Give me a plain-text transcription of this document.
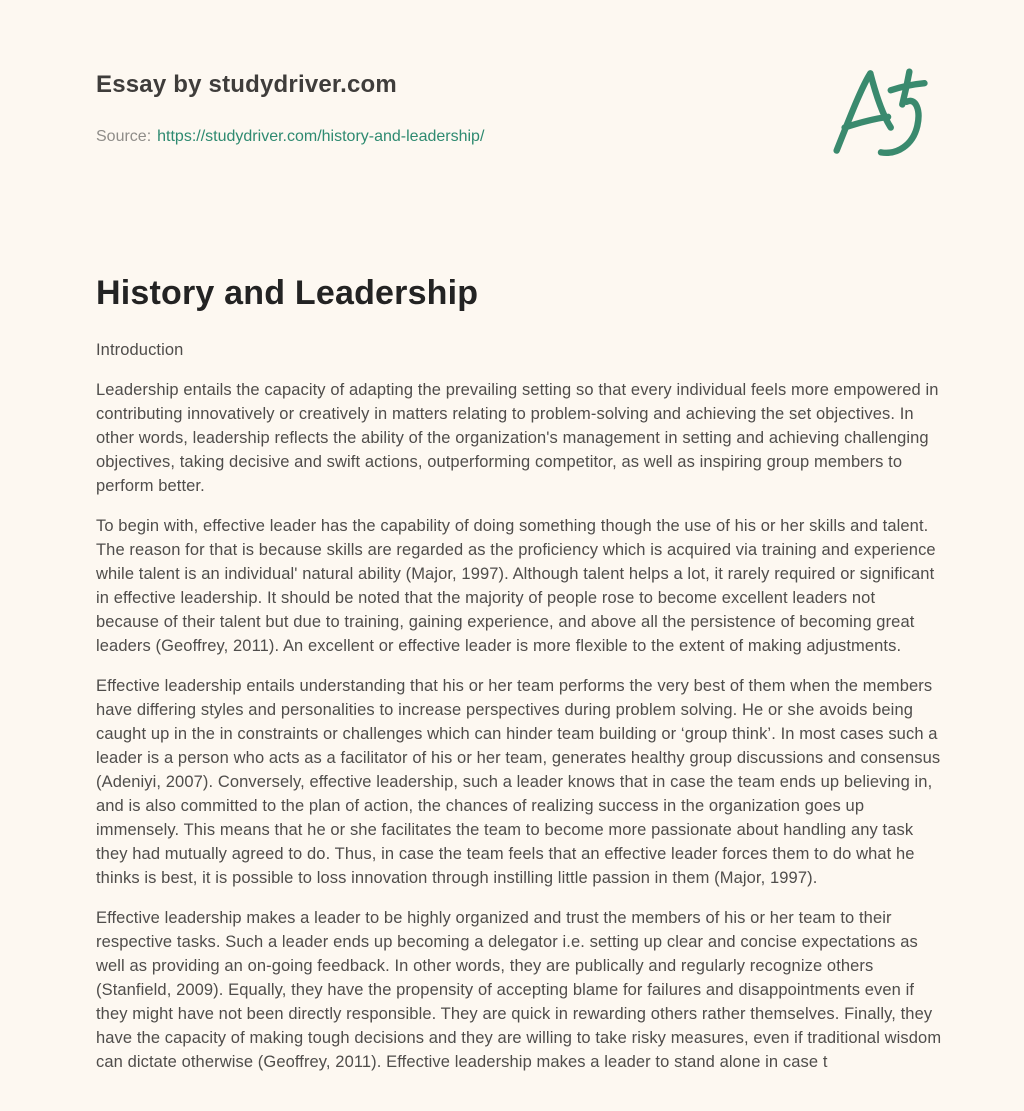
Essay by studydriver.com
Source: https://studydriver.com/history-and-leadership/
History and Leadership

Introduction

Leadership entails the capacity of adapting the prevailing setting so that every individual feels more empowered in contributing innovatively or creatively in matters relating to problem-solving and achieving the set objectives. In other words, leadership reflects the ability of the organization's management in setting and achieving challenging objectives, taking decisive and swift actions, outperforming competitor, as well as inspiring group members to perform better.

To begin with, effective leader has the capability of doing something though the use of his or her skills and talent. The reason for that is because skills are regarded as the proficiency which is acquired via training and experience while talent is an individual' natural ability (Major, 1997). Although talent helps a lot, it rarely required or significant in effective leadership. It should be noted that the majority of people rose to become excellent leaders not because of their talent but due to training, gaining experience, and above all the persistence of becoming great leaders (Geoffrey, 2011). An excellent or effective leader is more flexible to the extent of making adjustments.

Effective leadership entails understanding that his or her team performs the very best of them when the members have differing styles and personalities to increase perspectives during problem solving. He or she avoids being caught up in the in constraints or challenges which can hinder team building or ‘group think’. In most cases such a leader is a person who acts as a facilitator of his or her team, generates healthy group discussions and consensus (Adeniyi, 2007). Conversely, effective leadership, such a leader knows that in case the team ends up believing in, and is also committed to the plan of action, the chances of realizing success in the organization goes up immensely. This means that he or she facilitates the team to become more passionate about handling any task they had mutually agreed to do. Thus, in case the team feels that an effective leader forces them to do what he thinks is best, it is possible to loss innovation through instilling little passion in them (Major, 1997).

Effective leadership makes a leader to be highly organized and trust the members of his or her team to their respective tasks. Such a leader ends up becoming a delegator i.e. setting up clear and concise expectations as well as providing an on-going feedback. In other words, they are publically and regularly recognize others (Stanfield, 2009). Equally, they have the propensity of accepting blame for failures and disappointments even if they might have not been directly responsible. They are quick in rewarding others rather themselves. Finally, they have the capacity of making tough decisions and they are willing to take risky measures, even if traditional wisdom can dictate otherwise (Geoffrey, 2011). Effective leadership makes a leader to stand alone in case t
